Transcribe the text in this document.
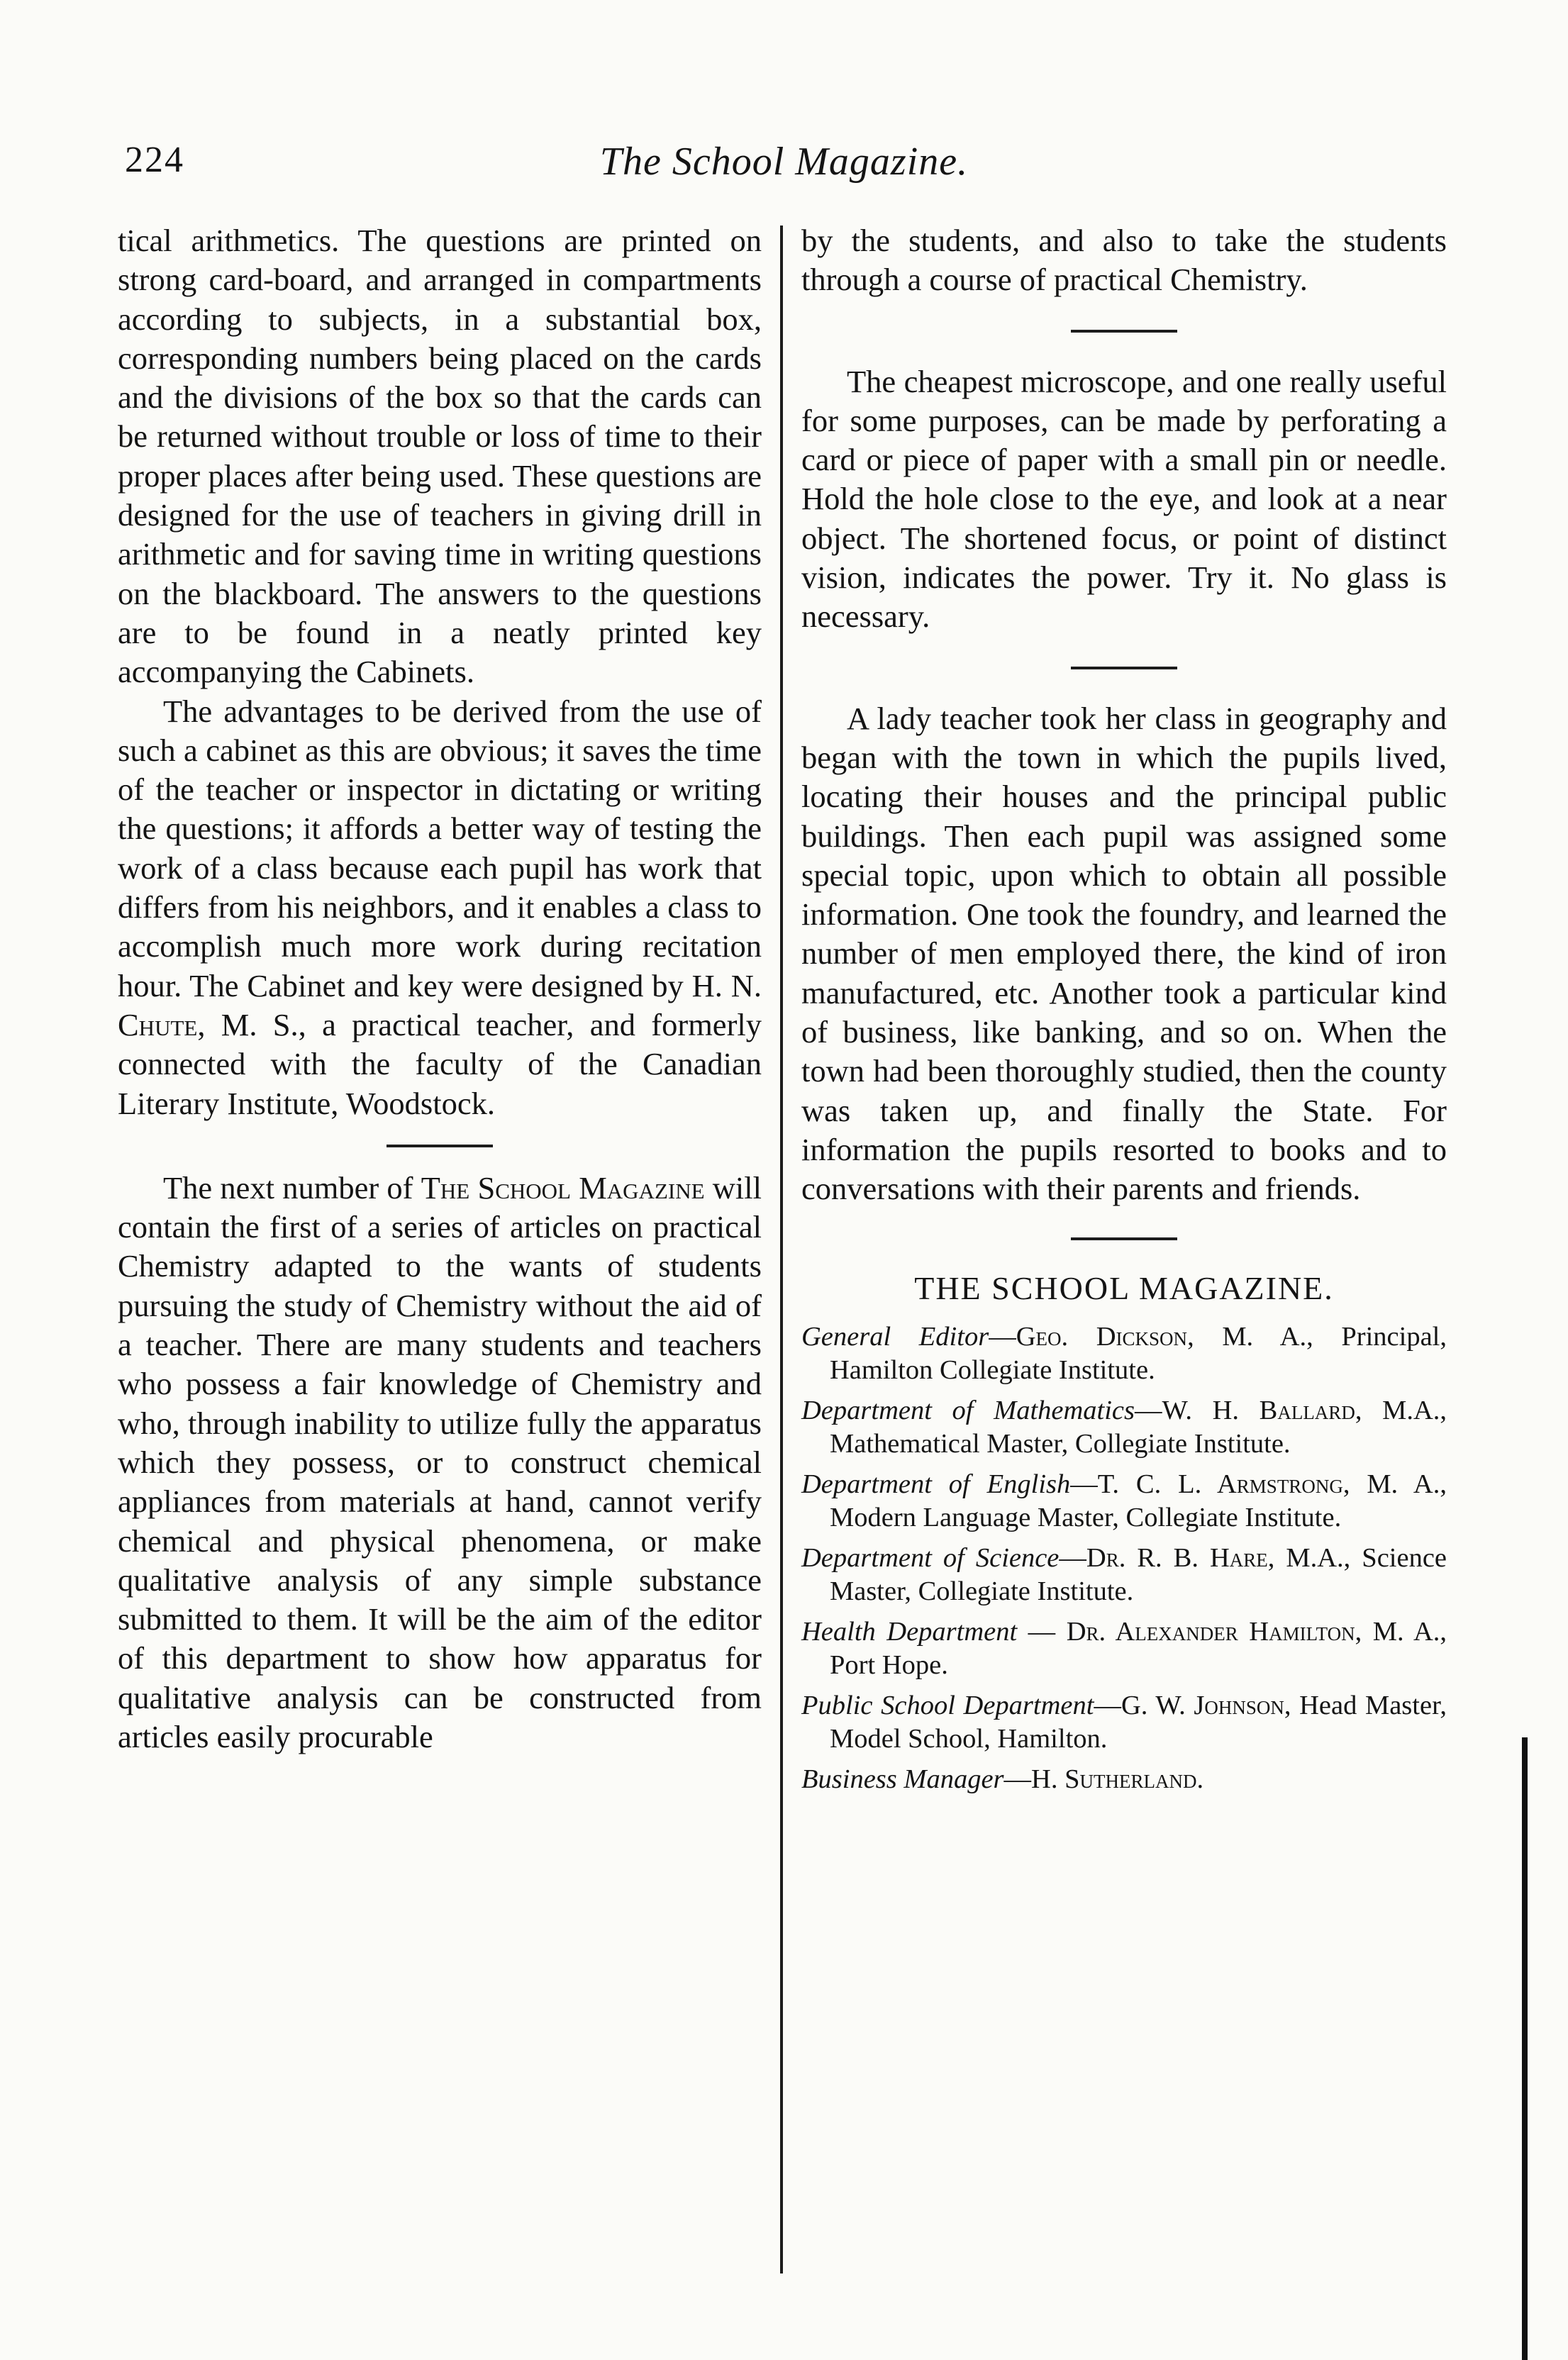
224	The School Magazine.

tical arithmetics. The questions are printed on strong card-board, and arranged in compartments according to subjects, in a substantial box, corresponding numbers being placed on the cards and the divisions of the box so that the cards can be returned without trouble or loss of time to their proper places after being used. These questions are designed for the use of teachers in giving drill in arithmetic and for saving time in writing questions on the blackboard. The answers to the questions are to be found in a neatly printed key accompanying the Cabinets.

The advantages to be derived from the use of such a cabinet as this are obvious; it saves the time of the teacher or inspector in dictating or writing the questions; it affords a better way of testing the work of a class because each pupil has work that differs from his neighbors, and it enables a class to accomplish much more work during recitation hour. The Cabinet and key were designed by H. N. Chute, M. S., a practical teacher, and formerly connected with the faculty of the Canadian Literary Institute, Woodstock.

The next number of The School Magazine will contain the first of a series of articles on practical Chemistry adapted to the wants of students pursuing the study of Chemistry without the aid of a teacher. There are many students and teachers who possess a fair knowledge of Chemistry and who, through inability to utilize fully the apparatus which they possess, or to construct chemical appliances from materials at hand, cannot verify chemical and physical phenomena, or make qualitative analysis of any simple substance submitted to them. It will be the aim of the editor of this department to show how apparatus for qualitative analysis can be constructed from articles easily procurable

by the students, and also to take the students through a course of practical Chemistry.

The cheapest microscope, and one really useful for some purposes, can be made by perforating a card or piece of paper with a small pin or needle. Hold the hole close to the eye, and look at a near object. The shortened focus, or point of distinct vision, indicates the power. Try it. No glass is necessary.

A lady teacher took her class in geography and began with the town in which the pupils lived, locating their houses and the principal public buildings. Then each pupil was assigned some special topic, upon which to obtain all possible information. One took the foundry, and learned the number of men employed there, the kind of iron manufactured, etc. Another took a particular kind of business, like banking, and so on. When the town had been thoroughly studied, then the county was taken up, and finally the State. For information the pupils resorted to books and to conversations with their parents and friends.

THE SCHOOL MAGAZINE.

General Editor—Geo. Dickson, M. A., Principal, Hamilton Collegiate Institute.

Department of Mathematics—W. H. Ballard, M.A., Mathematical Master, Collegiate Institute.

Department of English—T. C. L. Armstrong, M. A., Modern Language Master, Collegiate Institute.

Department of Science—Dr. R. B. Hare, M.A., Science Master, Collegiate Institute.

Health Department — Dr. Alexander Hamilton, M. A., Port Hope.

Public School Department—G. W. Johnson, Head Master, Model School, Hamilton.

Business Manager—H. Sutherland.
